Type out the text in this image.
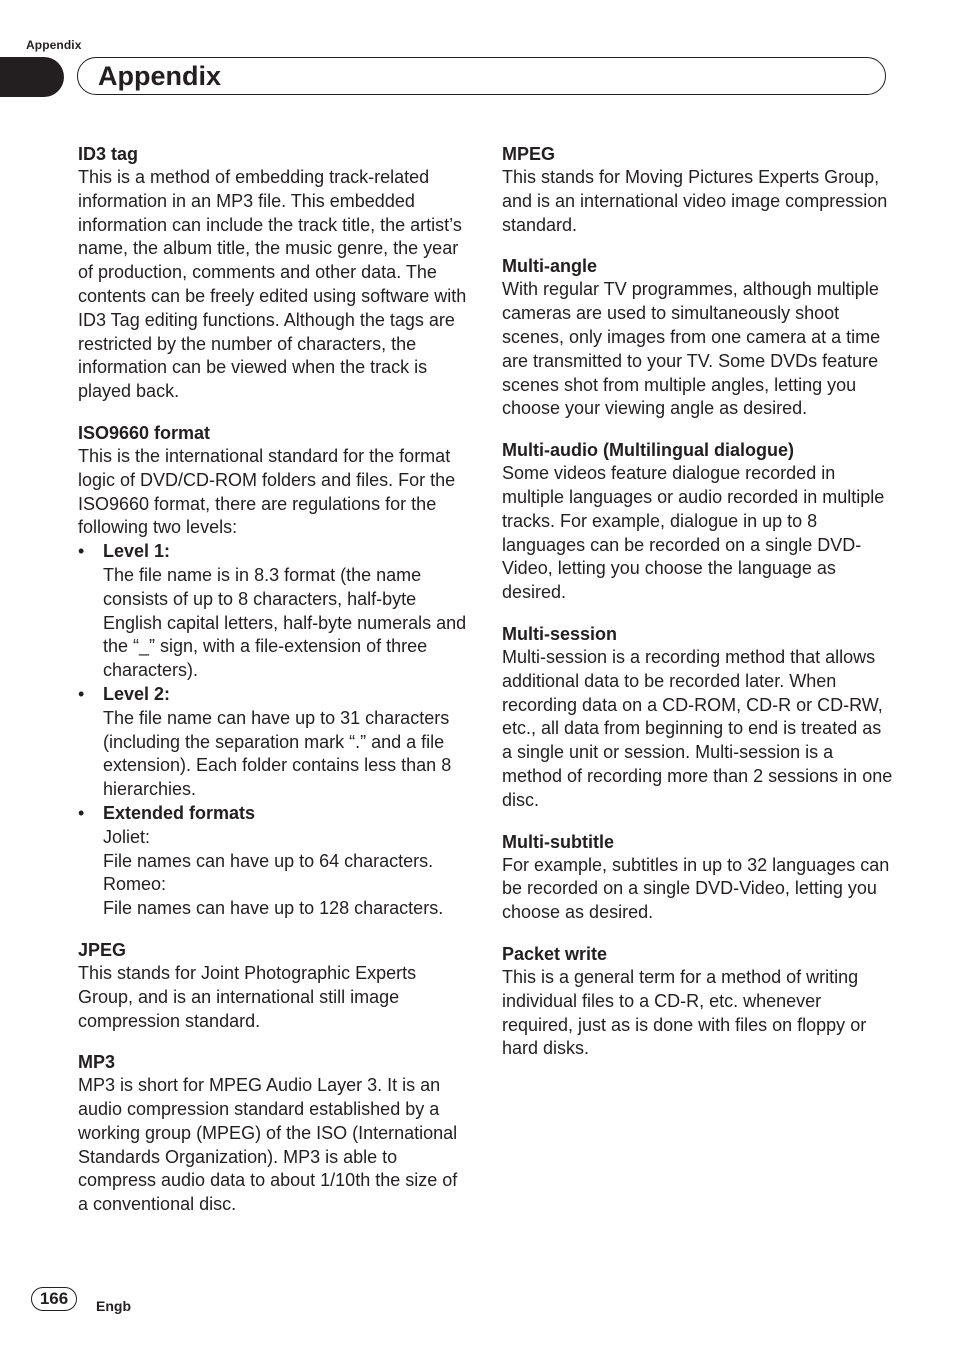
Appendix
Appendix
ID3 tag

This is a method of embedding track-related information in an MP3 file. This embedded information can include the track title, the artist’s name, the album title, the music genre, the year of production, comments and other data. The contents can be freely edited using software with ID3 Tag editing functions. Although the tags are restricted by the number of characters, the information can be viewed when the track is played back.

ISO9660 format

This is the international standard for the format logic of DVD/CD-ROM folders and files. For the ISO9660 format, there are regulations for the following two levels:

• Level 1:
The file name is in 8.3 format (the name consists of up to 8 characters, half-byte English capital letters, half-byte numerals and the “_” sign, with a file-extension of three characters).
• Level 2:
The file name can have up to 31 characters (including the separation mark “.” and a file extension). Each folder contains less than 8 hierarchies.
• Extended formats
Joliet:
File names can have up to 64 characters.
Romeo:
File names can have up to 128 characters.
JPEG

This stands for Joint Photographic Experts Group, and is an international still image compression standard.

MP3

MP3 is short for MPEG Audio Layer 3. It is an audio compression standard established by a working group (MPEG) of the ISO (International Standards Organization). MP3 is able to compress audio data to about 1/10th the size of a conventional disc.

MPEG

This stands for Moving Pictures Experts Group, and is an international video image compression standard.

Multi-angle

With regular TV programmes, although multiple cameras are used to simultaneously shoot scenes, only images from one camera at a time are transmitted to your TV. Some DVDs feature scenes shot from multiple angles, letting you choose your viewing angle as desired.

Multi-audio (Multilingual dialogue)

Some videos feature dialogue recorded in multiple languages or audio recorded in multiple tracks. For example, dialogue in up to 8 languages can be recorded on a single DVD-Video, letting you choose the language as desired.

Multi-session

Multi-session is a recording method that allows additional data to be recorded later. When recording data on a CD-ROM, CD-R or CD-RW, etc., all data from beginning to end is treated as a single unit or session. Multi-session is a method of recording more than 2 sessions in one disc.

Multi-subtitle

For example, subtitles in up to 32 languages can be recorded on a single DVD-Video, letting you choose as desired.

Packet write

This is a general term for a method of writing individual files to a CD-R, etc. whenever required, just as is done with files on floppy or hard disks.

166	Engb
